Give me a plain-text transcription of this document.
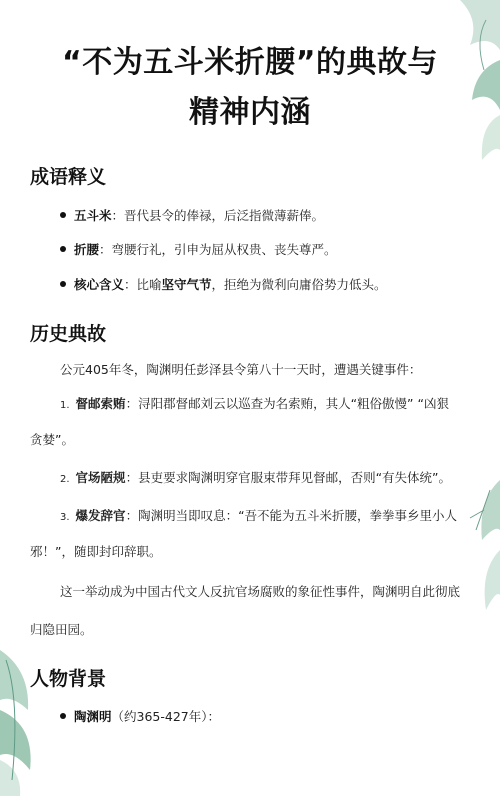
“不为五斗米折腰”的典故与
精神内涵
成语释义
五斗米：晋代县令的俸禄，后泛指微薄薪俸。
折腰：弯腰行礼，引申为屈从权贵、丧失尊严。
核心含义：比喻坚守气节，拒绝为微利向庸俗势力低头。
历史典故
公元405年冬，陶渊明任彭泽县令第八十一天时，遭遇关键事件：
1. 督邮索贿：浔阳郡督邮刘云以巡查为名索贿，其人“粗俗傲慢” “凶狠
贪婪”。
2. 官场陋规：县吏要求陶渊明穿官服束带拜见督邮，否则“有失体统”。
3. 爆发辞官：陶渊明当即叹息：“吾不能为五斗米折腰，拳拳事乡里小人
邪！”，随即封印辞职。
这一举动成为中国古代文人反抗官场腐败的象征性事件，陶渊明自此彻底
归隐田园。
人物背景
陶渊明（约365-427年）：
